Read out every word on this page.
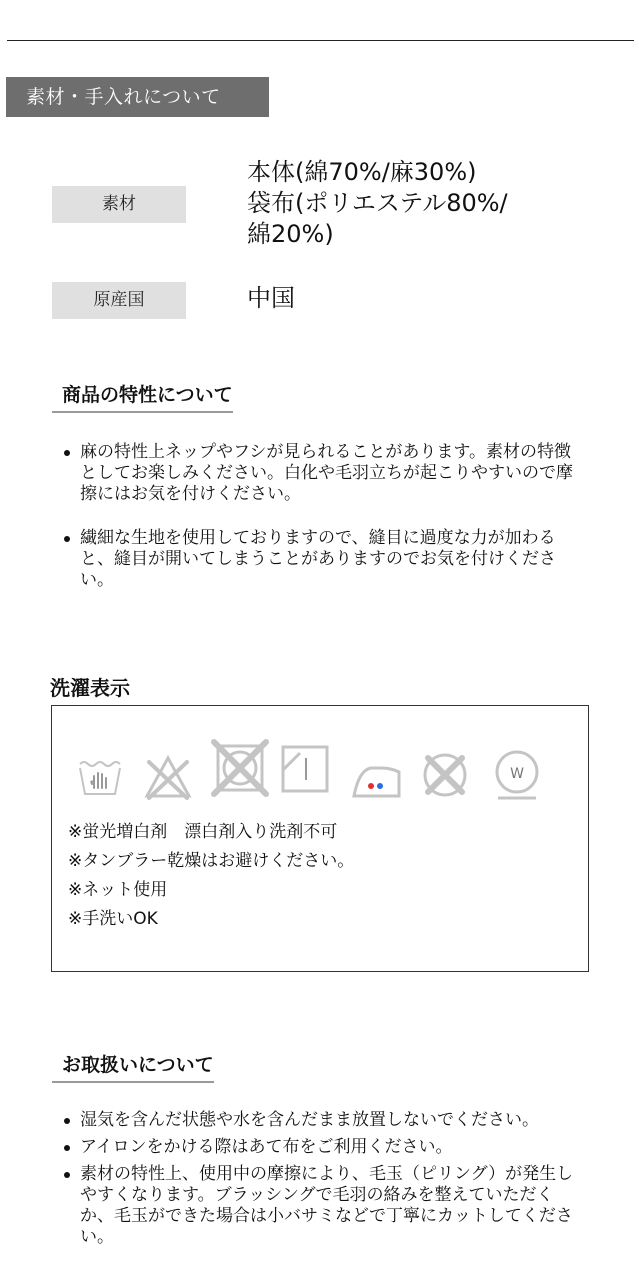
素材・手入れについて
素材
本体(綿70%/麻30%)
袋布(ポリエステル80%/
綿20%)
原産国	中国
商品の特性について
麻の特性上ネップやフシが見られることがあります。素材の特徴としてお楽しみください。白化や毛羽立ちが起こりやすいので摩擦にはお気を付けください。
繊細な生地を使用しておりますので、縫目に過度な力が加わると、縫目が開いてしまうことがありますのでお気を付けください。
洗濯表示
W
※蛍光増白剤　漂白剤入り洗剤不可
※タンブラー乾燥はお避けください。
※ネット使用
※手洗いOK
お取扱いについて
湿気を含んだ状態や水を含んだまま放置しないでください。
アイロンをかける際はあて布をご利用ください。
素材の特性上、使用中の摩擦により、毛玉（ピリング）が発生しやすくなります。ブラッシングで毛羽の絡みを整えていただくか、毛玉ができた場合は小バサミなどで丁寧にカットしてください。
